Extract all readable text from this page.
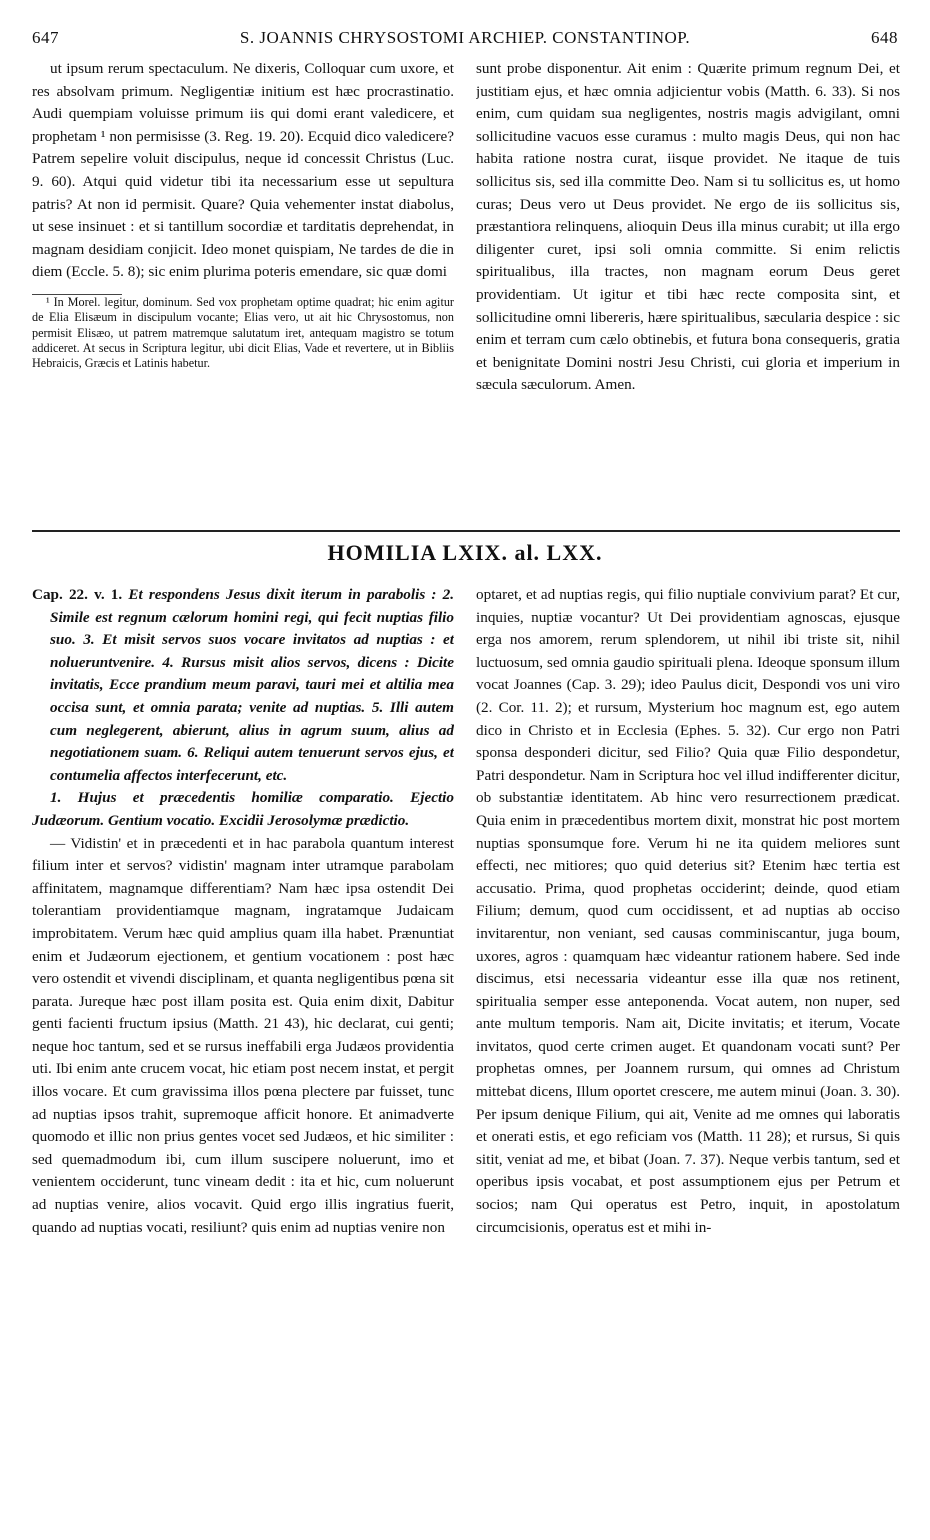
647	S. JOANNIS CHRYSOSTOMI ARCHIEP. CONSTANTINOP.	648

ut ipsum rerum spectaculum. Ne dixeris, Colloquar cum uxore, et res absolvam primum. Negligentiæ initium est hæc procrastinatio. Audi quempiam voluisse primum iis qui domi erant valedicere, et prophetam ¹ non permisisse (3. Reg. 19. 20). Ecquid dico valedicere? Patrem sepelire voluit discipulus, neque id concessit Christus (Luc. 9. 60). Atqui quid videtur tibi ita necessarium esse ut sepultura patris? At non id permisit. Quare? Quia vehementer instat diabolus, ut sese insinuet : et si tantillum socordiæ et tarditatis deprehendat, in magnam desidiam conjicit. Ideo monet quispiam, Ne tardes de die in diem (Eccle. 5. 8); sic enim plurima poteris emendare, sic quæ domi

¹ In Morel. legitur, dominum. Sed vox prophetam optime quadrat; hic enim agitur de Elia Elisæum in discipulum vocante; Elias vero, ut ait hic Chrysostomus, non permisit Elisæo, ut patrem matremque salutatum iret, antequam magistro se totum addiceret. At secus in Scriptura legitur, ubi dicit Elias, Vade et revertere, ut in Bibliis Hebraicis, Græcis et Latinis habetur.

sunt probe disponentur. Ait enim : Quærite primum regnum Dei, et justitiam ejus, et hæc omnia adjicientur vobis (Matth. 6. 33). Si nos enim, cum quidam sua negligentes, nostris magis advigilant, omni sollicitudine vacuos esse curamus : multo magis Deus, qui non hac habita ratione nostra curat, iisque providet. Ne itaque de tuis sollicitus sis, sed illa committe Deo. Nam si tu sollicitus es, ut homo curas; Deus vero ut Deus providet. Ne ergo de iis sollicitus sis, præstantiora relinquens, alioquin Deus illa minus curabit; ut illa ergo diligenter curet, ipsi soli omnia committe. Si enim relictis spiritualibus, illa tractes, non magnam eorum Deus geret providentiam. Ut igitur et tibi hæc recte composita sint, et sollicitudine omni libereris, hære spiritualibus, sæcularia despice : sic enim et terram cum cælo obtinebis, et futura bona consequeris, gratia et benignitate Domini nostri Jesu Christi, cui gloria et imperium in sæcula sæculorum. Amen.

HOMILIA LXIX. al. LXX.

Cap. 22. v. 1. Et respondens Jesus dixit iterum in parabolis : 2. Simile est regnum cælorum homini regi, qui fecit nuptias filio suo. 3. Et misit servos suos vocare invitatos ad nuptias : et nolueruntvenire. 4. Rursus misit alios servos, dicens : Dicite invitatis, Ecce prandium meum paravi, tauri mei et altilia mea occisa sunt, et omnia parata; venite ad nuptias. 5. Illi autem cum neglegerent, abierunt, alius in agrum suum, alius ad negotiationem suam. 6. Reliqui autem tenuerunt servos ejus, et contumelia affectos interfecerunt, etc.

1. Hujus et præcedentis homiliæ comparatio. Ejectio Judæorum. Gentium vocatio. Excidii Jerosolymæ prædictio.

— Vidistin' et in præcedenti et in hac parabola quantum interest filium inter et servos? vidistin' magnam inter utramque parabolam affinitatem, magnamque differentiam? Nam hæc ipsa ostendit Dei tolerantiam providentiamque magnam, ingratamque Judaicam improbitatem. Verum hæc quid amplius quam illa habet. Prænuntiat enim et Judæorum ejectionem, et gentium vocationem : post hæc vero ostendit et vivendi disciplinam, et quanta negligentibus pœna sit parata. Jureque hæc post illam posita est. Quia enim dixit, Dabitur genti facienti fructum ipsius (Matth. 21 43), hic declarat, cui genti; neque hoc tantum, sed et se rursus ineffabili erga Judæos providentia uti. Ibi enim ante crucem vocat, hic etiam post necem instat, et pergit illos vocare. Et cum gravissima illos pœna plectere par fuisset, tunc ad nuptias ipsos trahit, supremoque afficit honore. Et animadverte quomodo et illic non prius gentes vocet sed Judæos, et hic similiter : sed quemadmodum ibi, cum illum suscipere noluerunt, imo et venientem occiderunt, tunc vineam dedit : ita et hic, cum noluerunt ad nuptias venire, alios vocavit. Quid ergo illis ingratius fuerit, quando ad nuptias vocati, resiliunt? quis enim ad nuptias venire non

optaret, et ad nuptias regis, qui filio nuptiale convivium parat? Et cur, inquies, nuptiæ vocantur? Ut Dei providentiam agnoscas, ejusque erga nos amorem, rerum splendorem, ut nihil ibi triste sit, nihil luctuosum, sed omnia gaudio spirituali plena. Ideoque sponsum illum vocat Joannes (Cap. 3. 29); ideo Paulus dicit, Despondi vos uni viro (2. Cor. 11. 2); et rursum, Mysterium hoc magnum est, ego autem dico in Christo et in Ecclesia (Ephes. 5. 32). Cur ergo non Patri sponsa desponderi dicitur, sed Filio? Quia quæ Filio despondetur, Patri despondetur. Nam in Scriptura hoc vel illud indifferenter dicitur, ob substantiæ identitatem. Ab hinc vero resurrectionem prædicat. Quia enim in præcedentibus mortem dixit, monstrat hic post mortem nuptias sponsumque fore. Verum hi ne ita quidem meliores sunt effecti, nec mitiores; quo quid deterius sit? Etenim hæc tertia est accusatio. Prima, quod prophetas occiderint; deinde, quod etiam Filium; demum, quod cum occidissent, et ad nuptias ab occiso invitarentur, non veniant, sed causas comminiscantur, juga boum, uxores, agros : quamquam hæc videantur rationem habere. Sed inde discimus, etsi necessaria videantur esse illa quæ nos retinent, spiritualia semper esse anteponenda. Vocat autem, non nuper, sed ante multum temporis. Nam ait, Dicite invitatis; et iterum, Vocate invitatos, quod certe crimen auget. Et quandonam vocati sunt? Per prophetas omnes, per Joannem rursum, qui omnes ad Christum mittebat dicens, Illum oportet crescere, me autem minui (Joan. 3. 30). Per ipsum denique Filium, qui ait, Venite ad me omnes qui laboratis et onerati estis, et ego reficiam vos (Matth. 11 28); et rursus, Si quis sitit, veniat ad me, et bibat (Joan. 7. 37). Neque verbis tantum, sed et operibus ipsis vocabat, et post assumptionem ejus per Petrum et socios; nam Qui operatus est Petro, inquit, in apostolatum circumcisionis, operatus est et mihi in-
